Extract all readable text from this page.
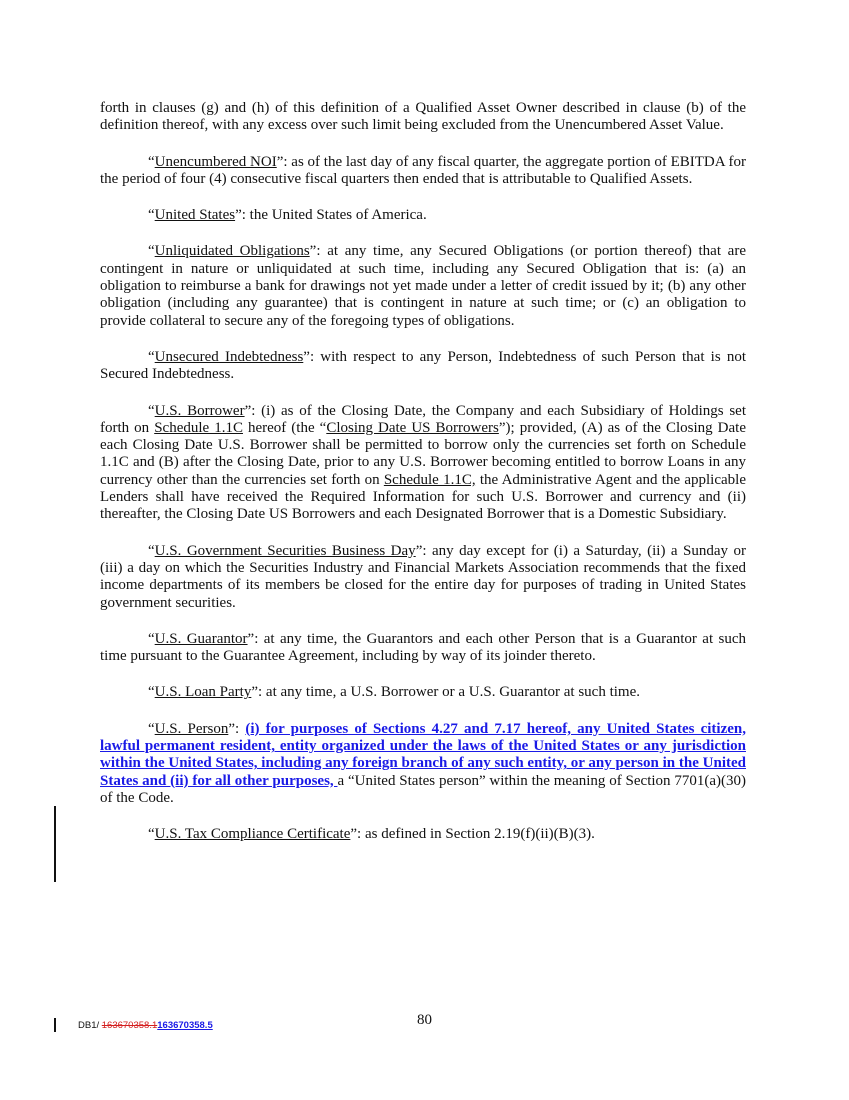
forth in clauses (g) and (h) of this definition of a Qualified Asset Owner described in clause (b) of the definition thereof, with any excess over such limit being excluded from the Unencumbered Asset Value.

“Unencumbered NOI”: as of the last day of any fiscal quarter, the aggregate portion of EBITDA for the period of four (4) consecutive fiscal quarters then ended that is attributable to Qualified Assets.

“United States”: the United States of America.

“Unliquidated Obligations”: at any time, any Secured Obligations (or portion thereof) that are contingent in nature or unliquidated at such time, including any Secured Obligation that is: (a) an obligation to reimburse a bank for drawings not yet made under a letter of credit issued by it; (b) any other obligation (including any guarantee) that is contingent in nature at such time; or (c) an obligation to provide collateral to secure any of the foregoing types of obligations.

“Unsecured Indebtedness”: with respect to any Person, Indebtedness of such Person that is not Secured Indebtedness.

“U.S. Borrower”: (i) as of the Closing Date, the Company and each Subsidiary of Holdings set forth on Schedule 1.1C hereof (the “Closing Date US Borrowers”); provided, (A) as of the Closing Date each Closing Date U.S. Borrower shall be permitted to borrow only the currencies set forth on Schedule 1.1C and (B) after the Closing Date, prior to any U.S. Borrower becoming entitled to borrow Loans in any currency other than the currencies set forth on Schedule 1.1C, the Administrative Agent and the applicable Lenders shall have received the Required Information for such U.S. Borrower and currency and (ii) thereafter, the Closing Date US Borrowers and each Designated Borrower that is a Domestic Subsidiary.

“U.S. Government Securities Business Day”: any day except for (i) a Saturday, (ii) a Sunday or (iii) a day on which the Securities Industry and Financial Markets Association recommends that the fixed income departments of its members be closed for the entire day for purposes of trading in United States government securities.

“U.S. Guarantor”: at any time, the Guarantors and each other Person that is a Guarantor at such time pursuant to the Guarantee Agreement, including by way of its joinder thereto.

“U.S. Loan Party”: at any time, a U.S. Borrower or a U.S. Guarantor at such time.

“U.S. Person”: (i) for purposes of Sections 4.27 and 7.17 hereof, any United States citizen, lawful permanent resident, entity organized under the laws of the United States or any jurisdiction within the United States, including any foreign branch of any such entity, or any person in the United States and (ii) for all other purposes, a “United States person” within the meaning of Section 7701(a)(30) of the Code.

“U.S. Tax Compliance Certificate”: as defined in Section 2.19(f)(ii)(B)(3).

80
DB1/ 163670358.1163670358.5
